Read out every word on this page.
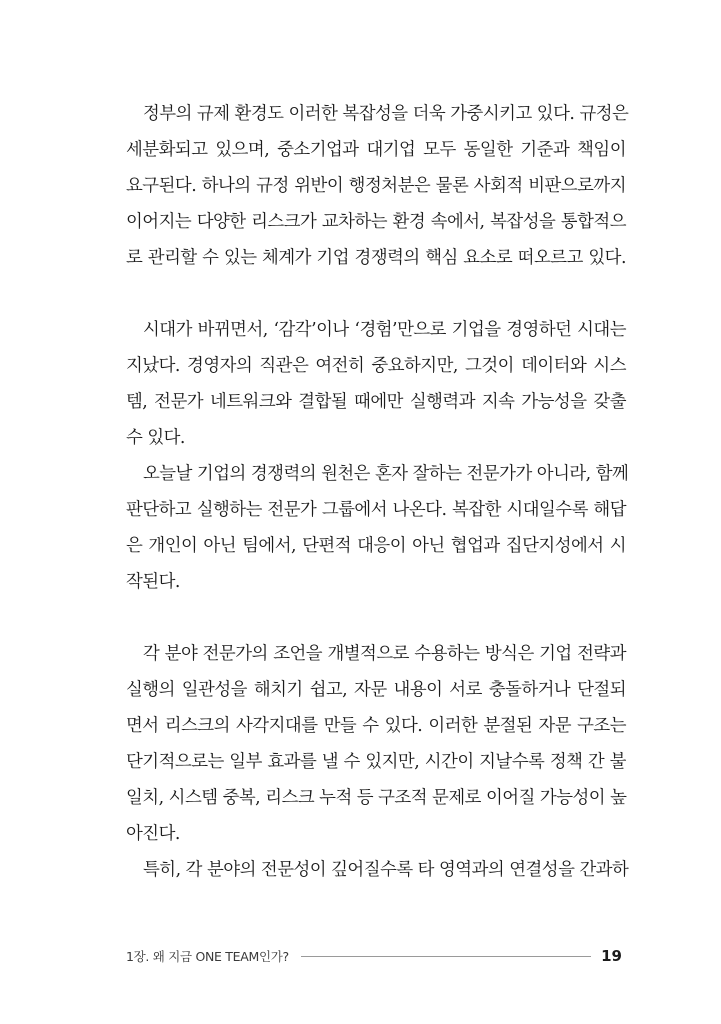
정부의 규제 환경도 이러한 복잡성을 더욱 가중시키고 있다. 규정은
세분화되고 있으며, 중소기업과 대기업 모두 동일한 기준과 책임이
요구된다. 하나의 규정 위반이 행정처분은 물론 사회적 비판으로까지
이어지는 다양한 리스크가 교차하는 환경 속에서, 복잡성을 통합적으
로 관리할 수 있는 체계가 기업 경쟁력의 핵심 요소로 떠오르고 있다.
시대가 바뀌면서, ‘감각’이나 ‘경험’만으로 기업을 경영하던 시대는
지났다. 경영자의 직관은 여전히 중요하지만, 그것이 데이터와 시스
템, 전문가 네트워크와 결합될 때에만 실행력과 지속 가능성을 갖출
수 있다.
오늘날 기업의 경쟁력의 원천은 혼자 잘하는 전문가가 아니라, 함께
판단하고 실행하는 전문가 그룹에서 나온다. 복잡한 시대일수록 해답
은 개인이 아닌 팀에서, 단편적 대응이 아닌 협업과 집단지성에서 시
작된다.
각 분야 전문가의 조언을 개별적으로 수용하는 방식은 기업 전략과
실행의 일관성을 해치기 쉽고, 자문 내용이 서로 충돌하거나 단절되
면서 리스크의 사각지대를 만들 수 있다. 이러한 분절된 자문 구조는
단기적으로는 일부 효과를 낼 수 있지만, 시간이 지날수록 정책 간 불
일치, 시스템 중복, 리스크 누적 등 구조적 문제로 이어질 가능성이 높
아진다.
특히, 각 분야의 전문성이 깊어질수록 타 영역과의 연결성을 간과하
1장. 왜 지금 ONE TEAM인가?	19
